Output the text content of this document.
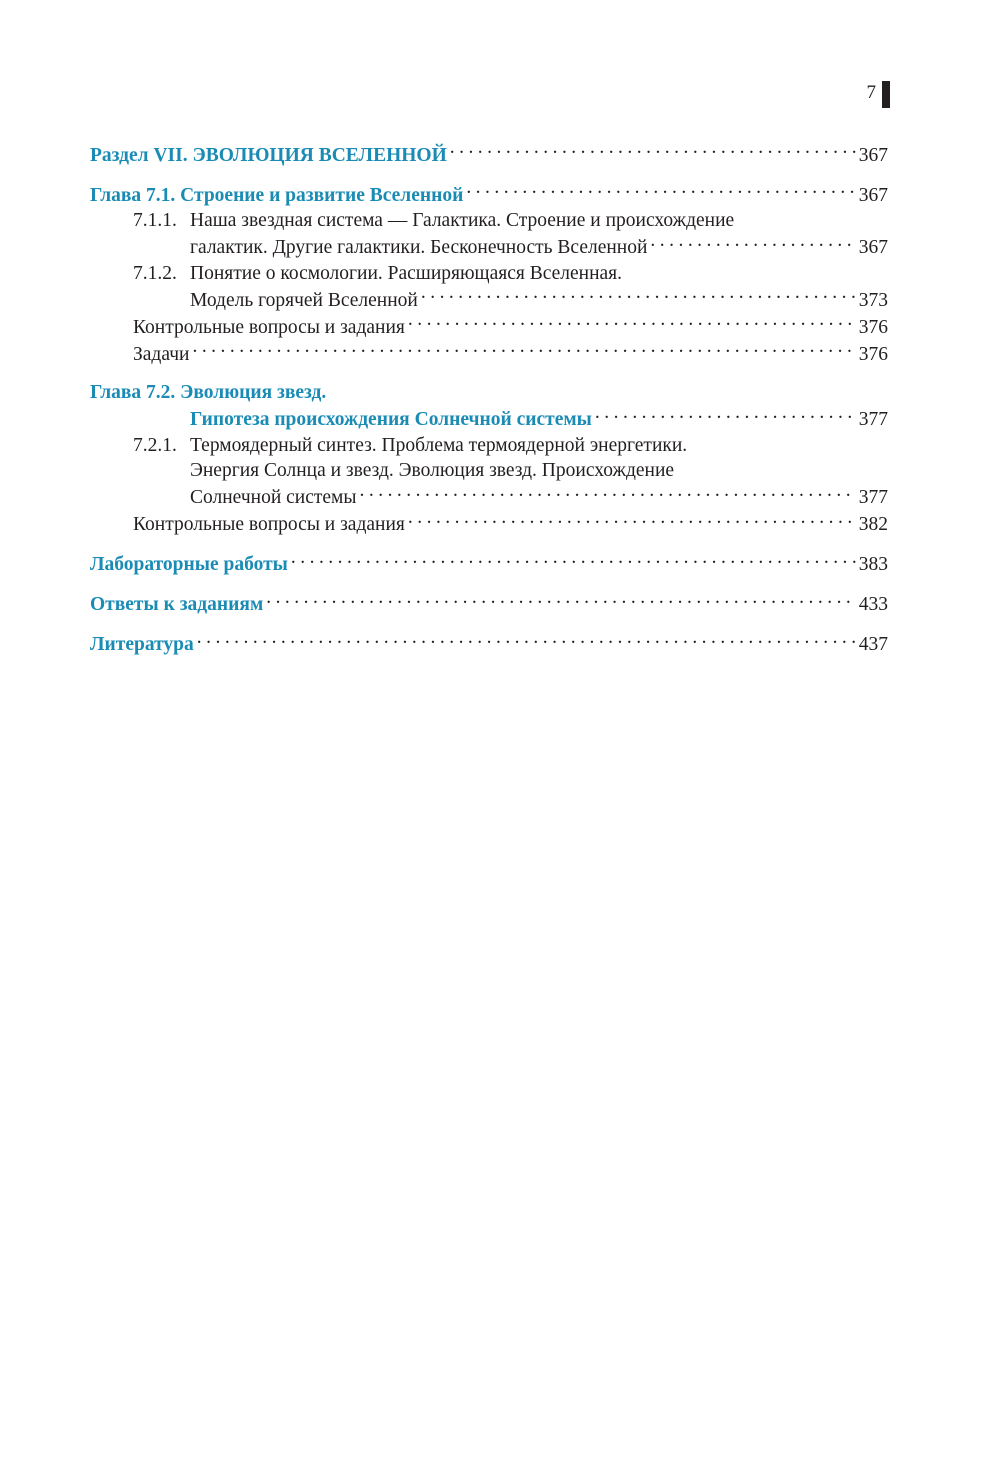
7
Раздел VII. ЭВОЛЮЦИЯ ВСЕЛЕННОЙ . . .	367
Глава 7.1. Строение и развитие Вселенной . . .	367
7.1.1. Наша звездная система — Галактика. Строение и происхождение
галактик. Другие галактики. Бесконечность Вселенной . . .	367
7.1.2. Понятие о космологии. Расширяющаяся Вселенная.
Модель горячей Вселенной . . .	373
Контрольные вопросы и задания . . .	376
Задачи . . .	376
Глава 7.2. Эволюция звезд.
Гипотеза происхождения Солнечной системы . . .	377
7.2.1. Термоядерный синтез. Проблема термоядерной энергетики.
Энергия Солнца и звезд. Эволюция звезд. Происхождение
Солнечной системы . . .	377
Контрольные вопросы и задания . . .	382
Лабораторные работы . . .	383
Ответы к заданиям . . .	433
Литература . . .	437
